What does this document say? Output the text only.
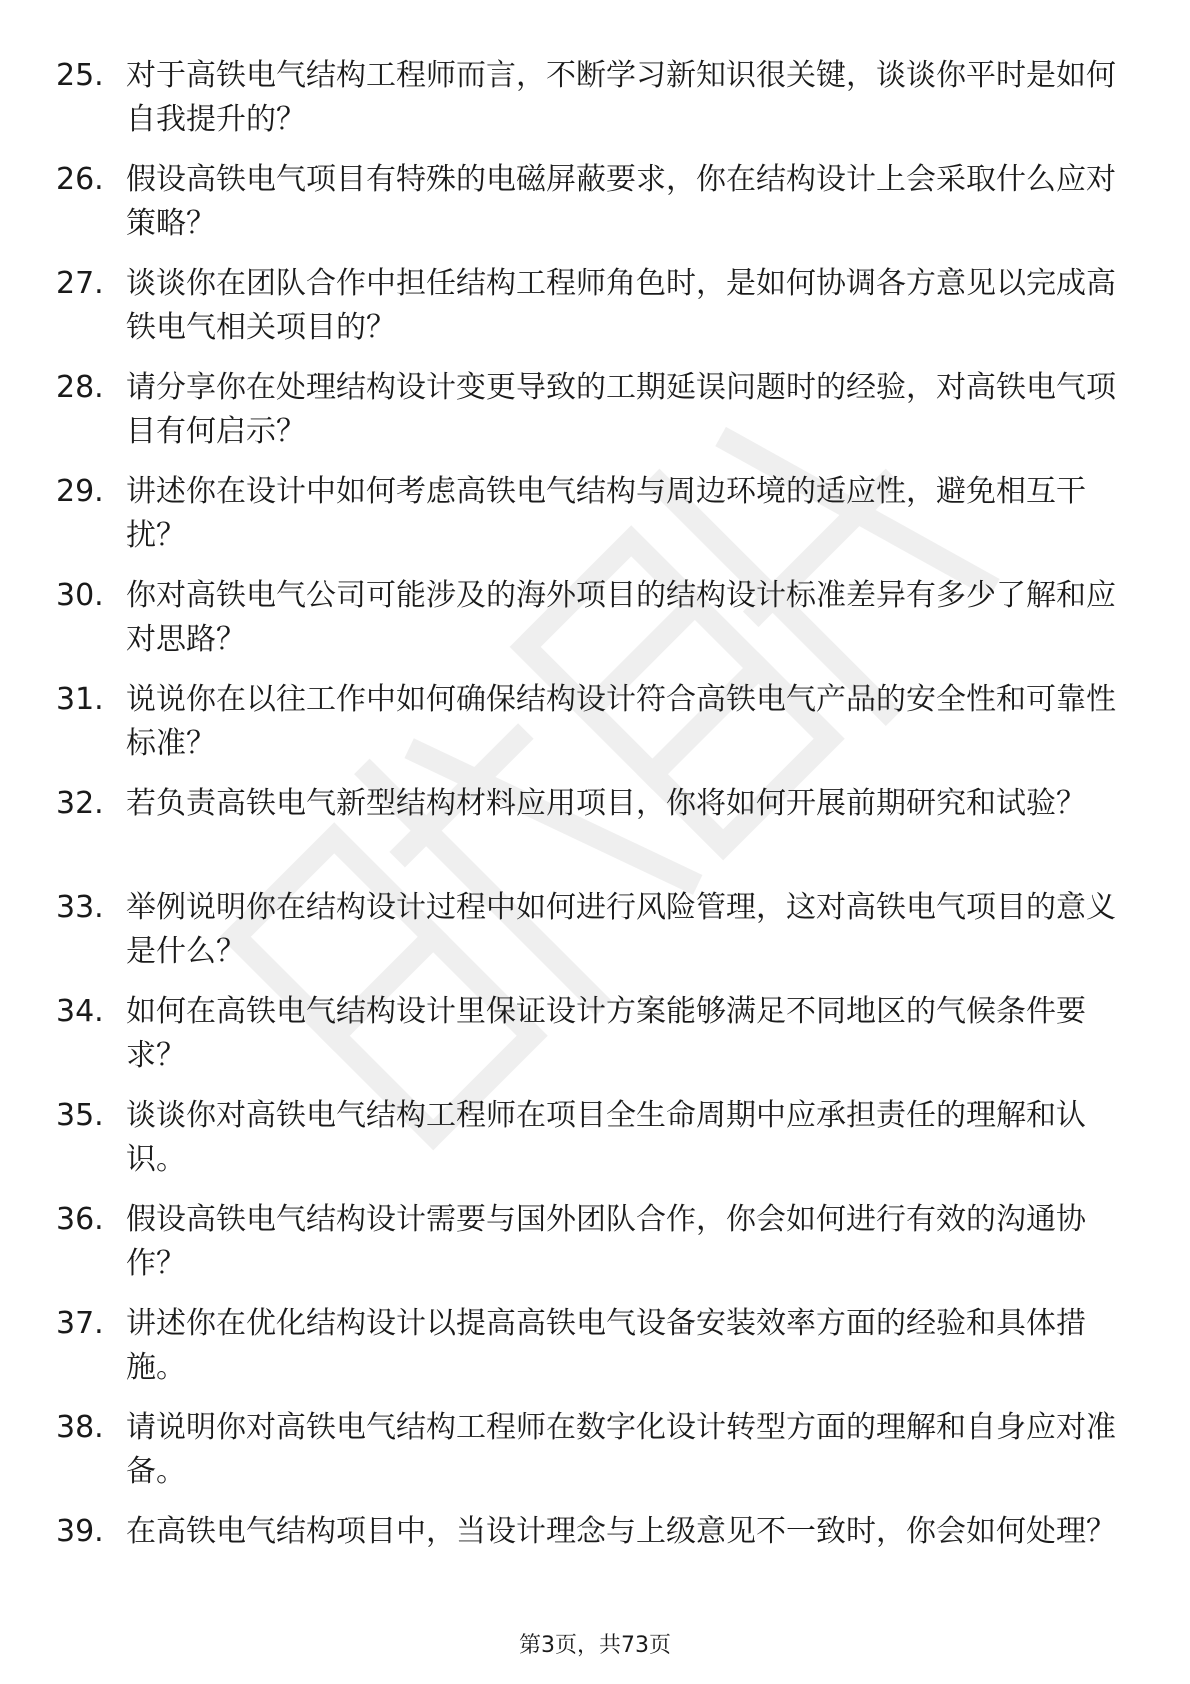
25. 对于高铁电气结构工程师而言，不断学习新知识很关键，谈谈你平时是如何自我提升的？
26. 假设高铁电气项目有特殊的电磁屏蔽要求，你在结构设计上会采取什么应对策略？
27. 谈谈你在团队合作中担任结构工程师角色时，是如何协调各方意见以完成高铁电气相关项目的？
28. 请分享你在处理结构设计变更导致的工期延误问题时的经验，对高铁电气项目有何启示？
29. 讲述你在设计中如何考虑高铁电气结构与周边环境的适应性，避免相互干扰？
30. 你对高铁电气公司可能涉及的海外项目的结构设计标准差异有多少了解和应对思路？
31. 说说你在以往工作中如何确保结构设计符合高铁电气产品的安全性和可靠性标准？
32. 若负责高铁电气新型结构材料应用项目，你将如何开展前期研究和试验？
33. 举例说明你在结构设计过程中如何进行风险管理，这对高铁电气项目的意义是什么？
34. 如何在高铁电气结构设计里保证设计方案能够满足不同地区的气候条件要求？
35. 谈谈你对高铁电气结构工程师在项目全生命周期中应承担责任的理解和认识。
36. 假设高铁电气结构设计需要与国外团队合作，你会如何进行有效的沟通协作？
37. 讲述你在优化结构设计以提高高铁电气设备安装效率方面的经验和具体措施。
38. 请说明你对高铁电气结构工程师在数字化设计转型方面的理解和自身应对准备。
39. 在高铁电气结构项目中，当设计理念与上级意见不一致时，你会如何处理？
第3页，共73页
